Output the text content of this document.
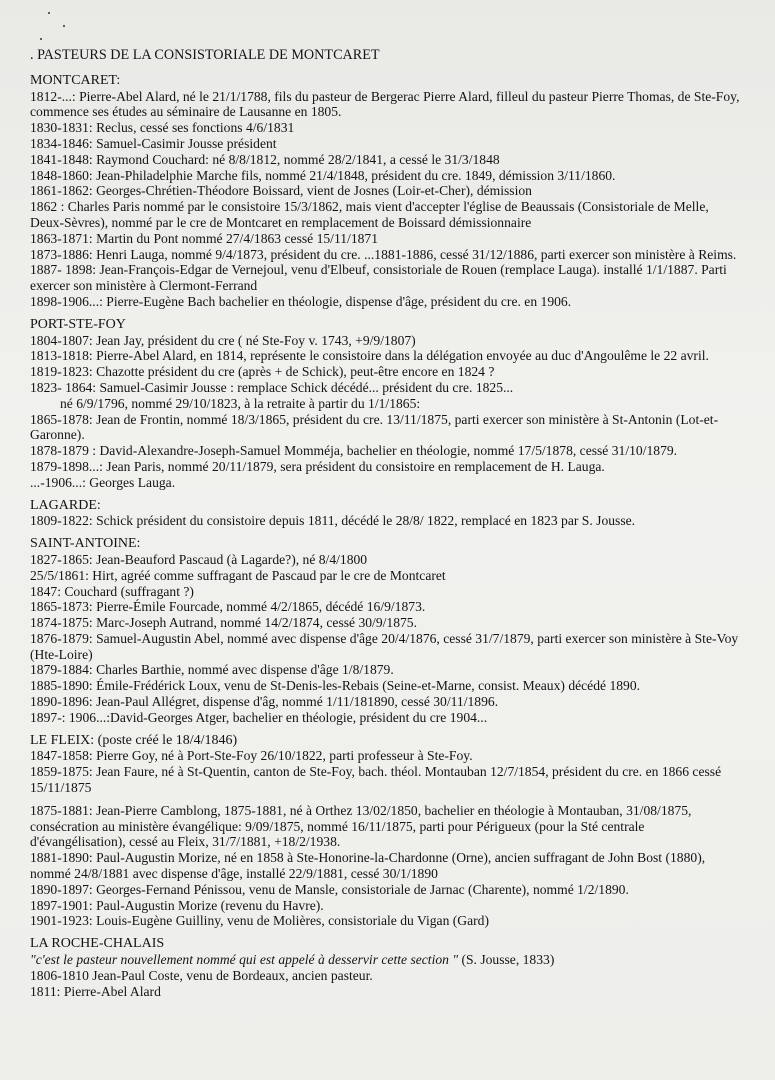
. PASTEURS DE LA CONSISTORIALE DE MONTCARET

MONTCARET:

1812-...: Pierre-Abel Alard, né le 21/1/1788, fils du pasteur de Bergerac Pierre Alard, filleul du pasteur Pierre Thomas, de Ste-Foy, commence ses études au séminaire de Lausanne en 1805.

1830-1831: Reclus, cessé ses fonctions 4/6/1831

1834-1846: Samuel-Casimir Jousse président

1841-1848: Raymond Couchard: né 8/8/1812, nommé 28/2/1841, a cessé le 31/3/1848

1848-1860: Jean-Philadelphie Marche fils, nommé 21/4/1848, président du cre. 1849, démission 3/11/1860.

1861-1862: Georges-Chrétien-Théodore Boissard, vient de Josnes (Loir-et-Cher), démission

1862 : Charles Paris nommé par le consistoire 15/3/1862, mais vient d'accepter l'église de Beaussais (Consistoriale de Melle, Deux-Sèvres), nommé par le cre de Montcaret en remplacement de Boissard démissionnaire

1863-1871: Martin du Pont nommé 27/4/1863 cessé 15/11/1871

1873-1886: Henri Lauga, nommé 9/4/1873, président du cre. ...1881-1886, cessé 31/12/1886, parti exercer son ministère à Reims.

1887- 1898: Jean-François-Edgar de Vernejoul, venu d'Elbeuf, consistoriale de Rouen (remplace Lauga). installé 1/1/1887. Parti exercer son ministère à Clermont-Ferrand

1898-1906...: Pierre-Eugène Bach bachelier en théologie, dispense d'âge, président du cre. en 1906.

PORT-STE-FOY

1804-1807: Jean Jay, président du cre ( né Ste-Foy v. 1743, +9/9/1807)

1813-1818: Pierre-Abel Alard, en 1814, représente le consistoire dans la délégation envoyée au duc d'Angoulême le 22 avril.

1819-1823: Chazotte président du cre (après + de Schick), peut-être encore en 1824 ?

1823- 1864: Samuel-Casimir Jousse : remplace Schick décédé... président du cre. 1825...

né 6/9/1796, nommé 29/10/1823, à la retraite à partir du 1/1/1865:

1865-1878: Jean de Frontin, nommé 18/3/1865, président du cre. 13/11/1875, parti exercer son ministère à St-Antonin (Lot-et-Garonne).

1878-1879 : David-Alexandre-Joseph-Samuel Momméja, bachelier en théologie, nommé 17/5/1878, cessé 31/10/1879.

1879-1898...: Jean Paris, nommé 20/11/1879, sera président du consistoire en remplacement de H. Lauga.

...-1906...: Georges Lauga.

LAGARDE:

1809-1822: Schick président du consistoire depuis 1811, décédé le 28/8/ 1822, remplacé en 1823 par S. Jousse.

SAINT-ANTOINE:

1827-1865: Jean-Beauford Pascaud (à Lagarde?), né 8/4/1800

25/5/1861: Hirt, agréé comme suffragant de Pascaud par le cre de Montcaret

1847: Couchard (suffragant ?)

1865-1873: Pierre-Émile Fourcade, nommé 4/2/1865, décédé 16/9/1873.

1874-1875: Marc-Joseph Autrand, nommé 14/2/1874, cessé 30/9/1875.

1876-1879: Samuel-Augustin Abel, nommé avec dispense d'âge 20/4/1876, cessé 31/7/1879, parti exercer son ministère à Ste-Voy (Hte-Loire)

1879-1884: Charles Barthie, nommé avec dispense d'âge 1/8/1879.

1885-1890: Émile-Frédérick Loux, venu de St-Denis-les-Rebais (Seine-et-Marne, consist. Meaux) décédé 1890.

1890-1896: Jean-Paul Allégret, dispense d'âg, nommé 1/11/181890, cessé 30/11/1896.

1897-: 1906...:David-Georges Atger, bachelier en théologie, président du cre 1904...

LE FLEIX: (poste créé le 18/4/1846)

1847-1858: Pierre Goy, né à Port-Ste-Foy 26/10/1822, parti professeur à Ste-Foy.

1859-1875: Jean Faure, né à St-Quentin, canton de Ste-Foy, bach. théol. Montauban 12/7/1854, président du cre. en 1866 cessé 15/11/1875

1875-1881: Jean-Pierre Camblong, 1875-1881, né à Orthez 13/02/1850, bachelier en théologie à Montauban, 31/08/1875, consécration au ministère évangélique: 9/09/1875, nommé 16/11/1875, parti pour Périgueux (pour la Sté centrale d'évangélisation), cessé au Fleix, 31/7/1881, +18/2/1938.

1881-1890: Paul-Augustin Morize, né en 1858 à Ste-Honorine-la-Chardonne (Orne), ancien suffragant de John Bost (1880), nommé 24/8/1881 avec dispense d'âge, installé 22/9/1881, cessé 30/1/1890

1890-1897: Georges-Fernand Pénissou, venu de Mansle, consistoriale de Jarnac (Charente), nommé 1/2/1890.

1897-1901: Paul-Augustin Morize (revenu du Havre).

1901-1923: Louis-Eugène Guilliny, venu de Molières, consistoriale du Vigan (Gard)

LA ROCHE-CHALAIS

"c'est le pasteur nouvellement nommé qui est appelé à desservir cette section " (S. Jousse, 1833)

1806-1810 Jean-Paul Coste, venu de Bordeaux, ancien pasteur.

1811: Pierre-Abel Alard
